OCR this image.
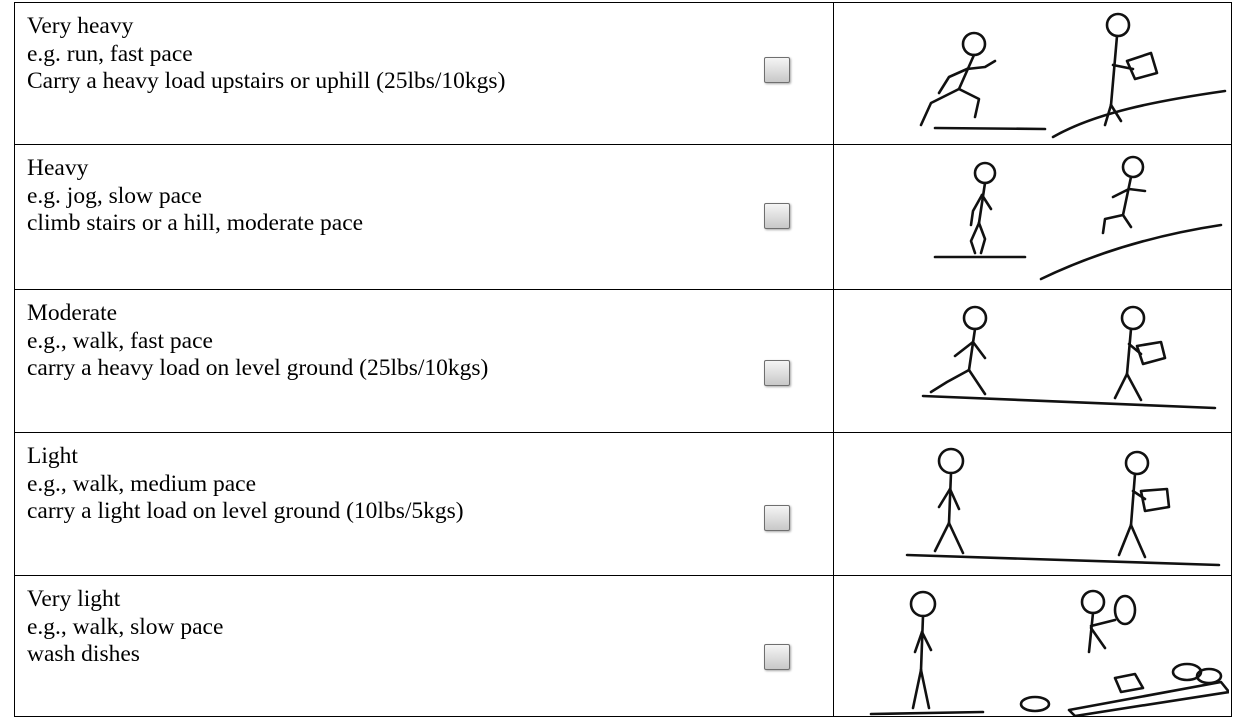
Very heavy
e.g. run, fast pace
Carry a heavy load upstairs or uphill (25lbs/10kgs)
Heavy
e.g. jog, slow pace
climb stairs or a hill, moderate pace
Moderate
e.g., walk, fast pace
carry a heavy load on level ground (25lbs/10kgs)
Light
e.g., walk, medium pace
carry a light load on level ground (10lbs/5kgs)
Very light
e.g., walk, slow pace
wash dishes
